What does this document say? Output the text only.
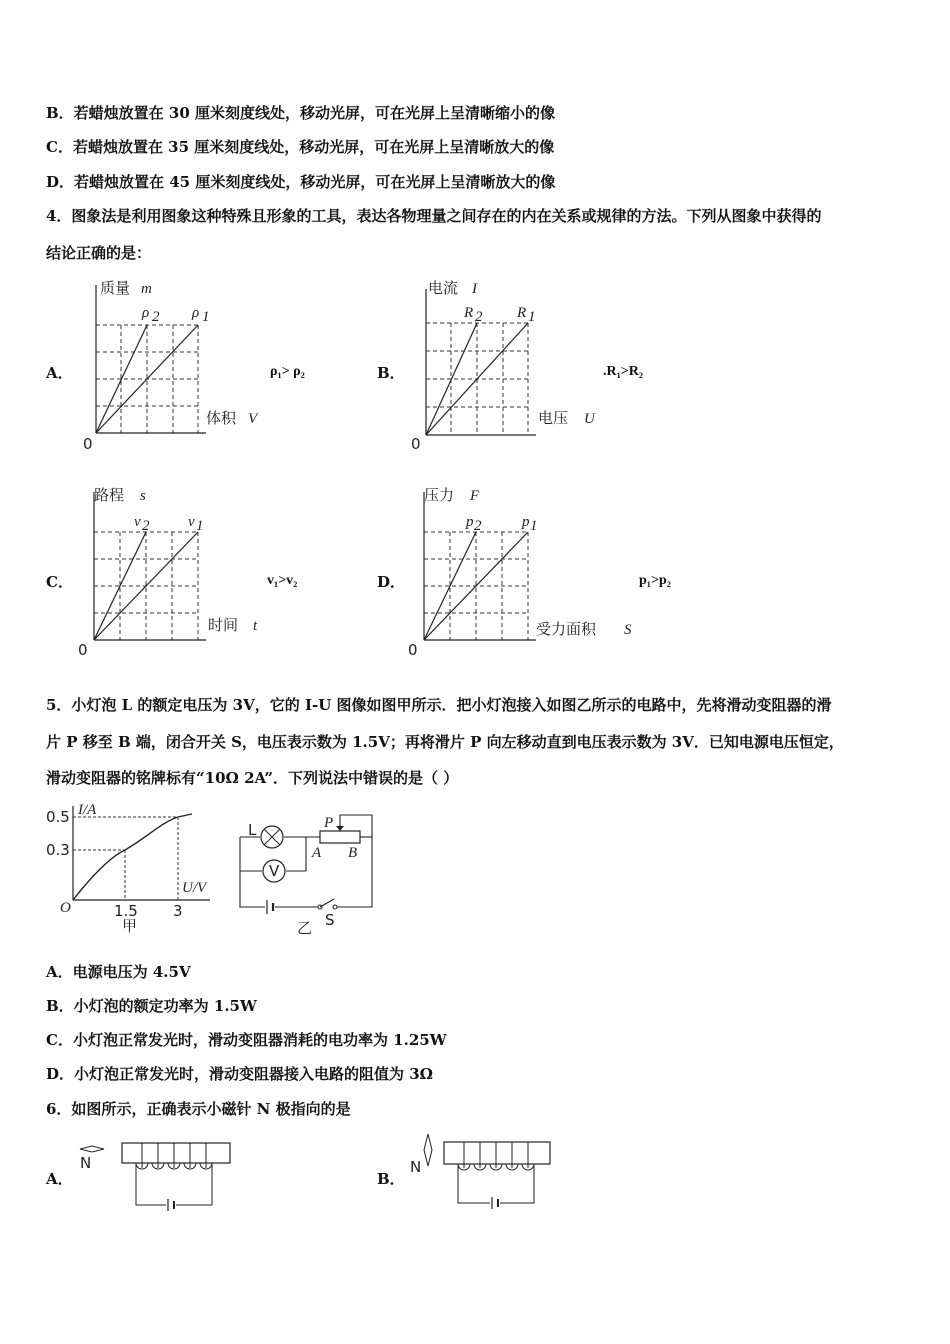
B．若蜡烛放置在 30 厘米刻度线处，移动光屏，可在光屏上呈清晰缩小的像
C．若蜡烛放置在 35 厘米刻度线处，移动光屏，可在光屏上呈清晰放大的像
D．若蜡烛放置在 45 厘米刻度线处，移动光屏，可在光屏上呈清晰放大的像
4．图象法是利用图象这种特殊且形象的工具，表达各物理量之间存在的内在关系或规律的方法。下列从图象中获得的
结论正确的是：
A．
质量 m
体积 V
ρ 2 ρ 1
0
ρ₁> ρ₂	B．
电流 I
电压 U
R 2 R 1
0
.R₁>R₂
C．
路程 s
时间 t
v 2	v 1
0
v₁>v₂	D．
压力 F
受力面积 S
p 2	p 1
0
p₁>p₂
5．小灯泡 L 的额定电压为 3V，它的 I-U 图像如图甲所示．把小灯泡接入如图乙所示的电路中，先将滑动变阻器的滑
片 P 移至 B 端，闭合开关 S，电压表示数为 1.5V；再将滑片 P 向左移动直到电压表示数为 3V．已知电源电压恒定，
滑动变阻器的铭牌标有“10Ω 2A”．下列说法中错误的是（ ）
I/A
U/V
0.5
0.3
1.5 3
O
甲
V
L	P
A B
S
乙
A．电源电压为 4.5V
B．小灯泡的额定功率为 1.5W
C．小灯泡正常发光时，滑动变阻器消耗的电功率为 1.25W
D．小灯泡正常发光时，滑动变阻器接入电路的阻值为 3Ω
6．如图所示，正确表示小磁针 N 极指向的是
A．
N
B．
N
